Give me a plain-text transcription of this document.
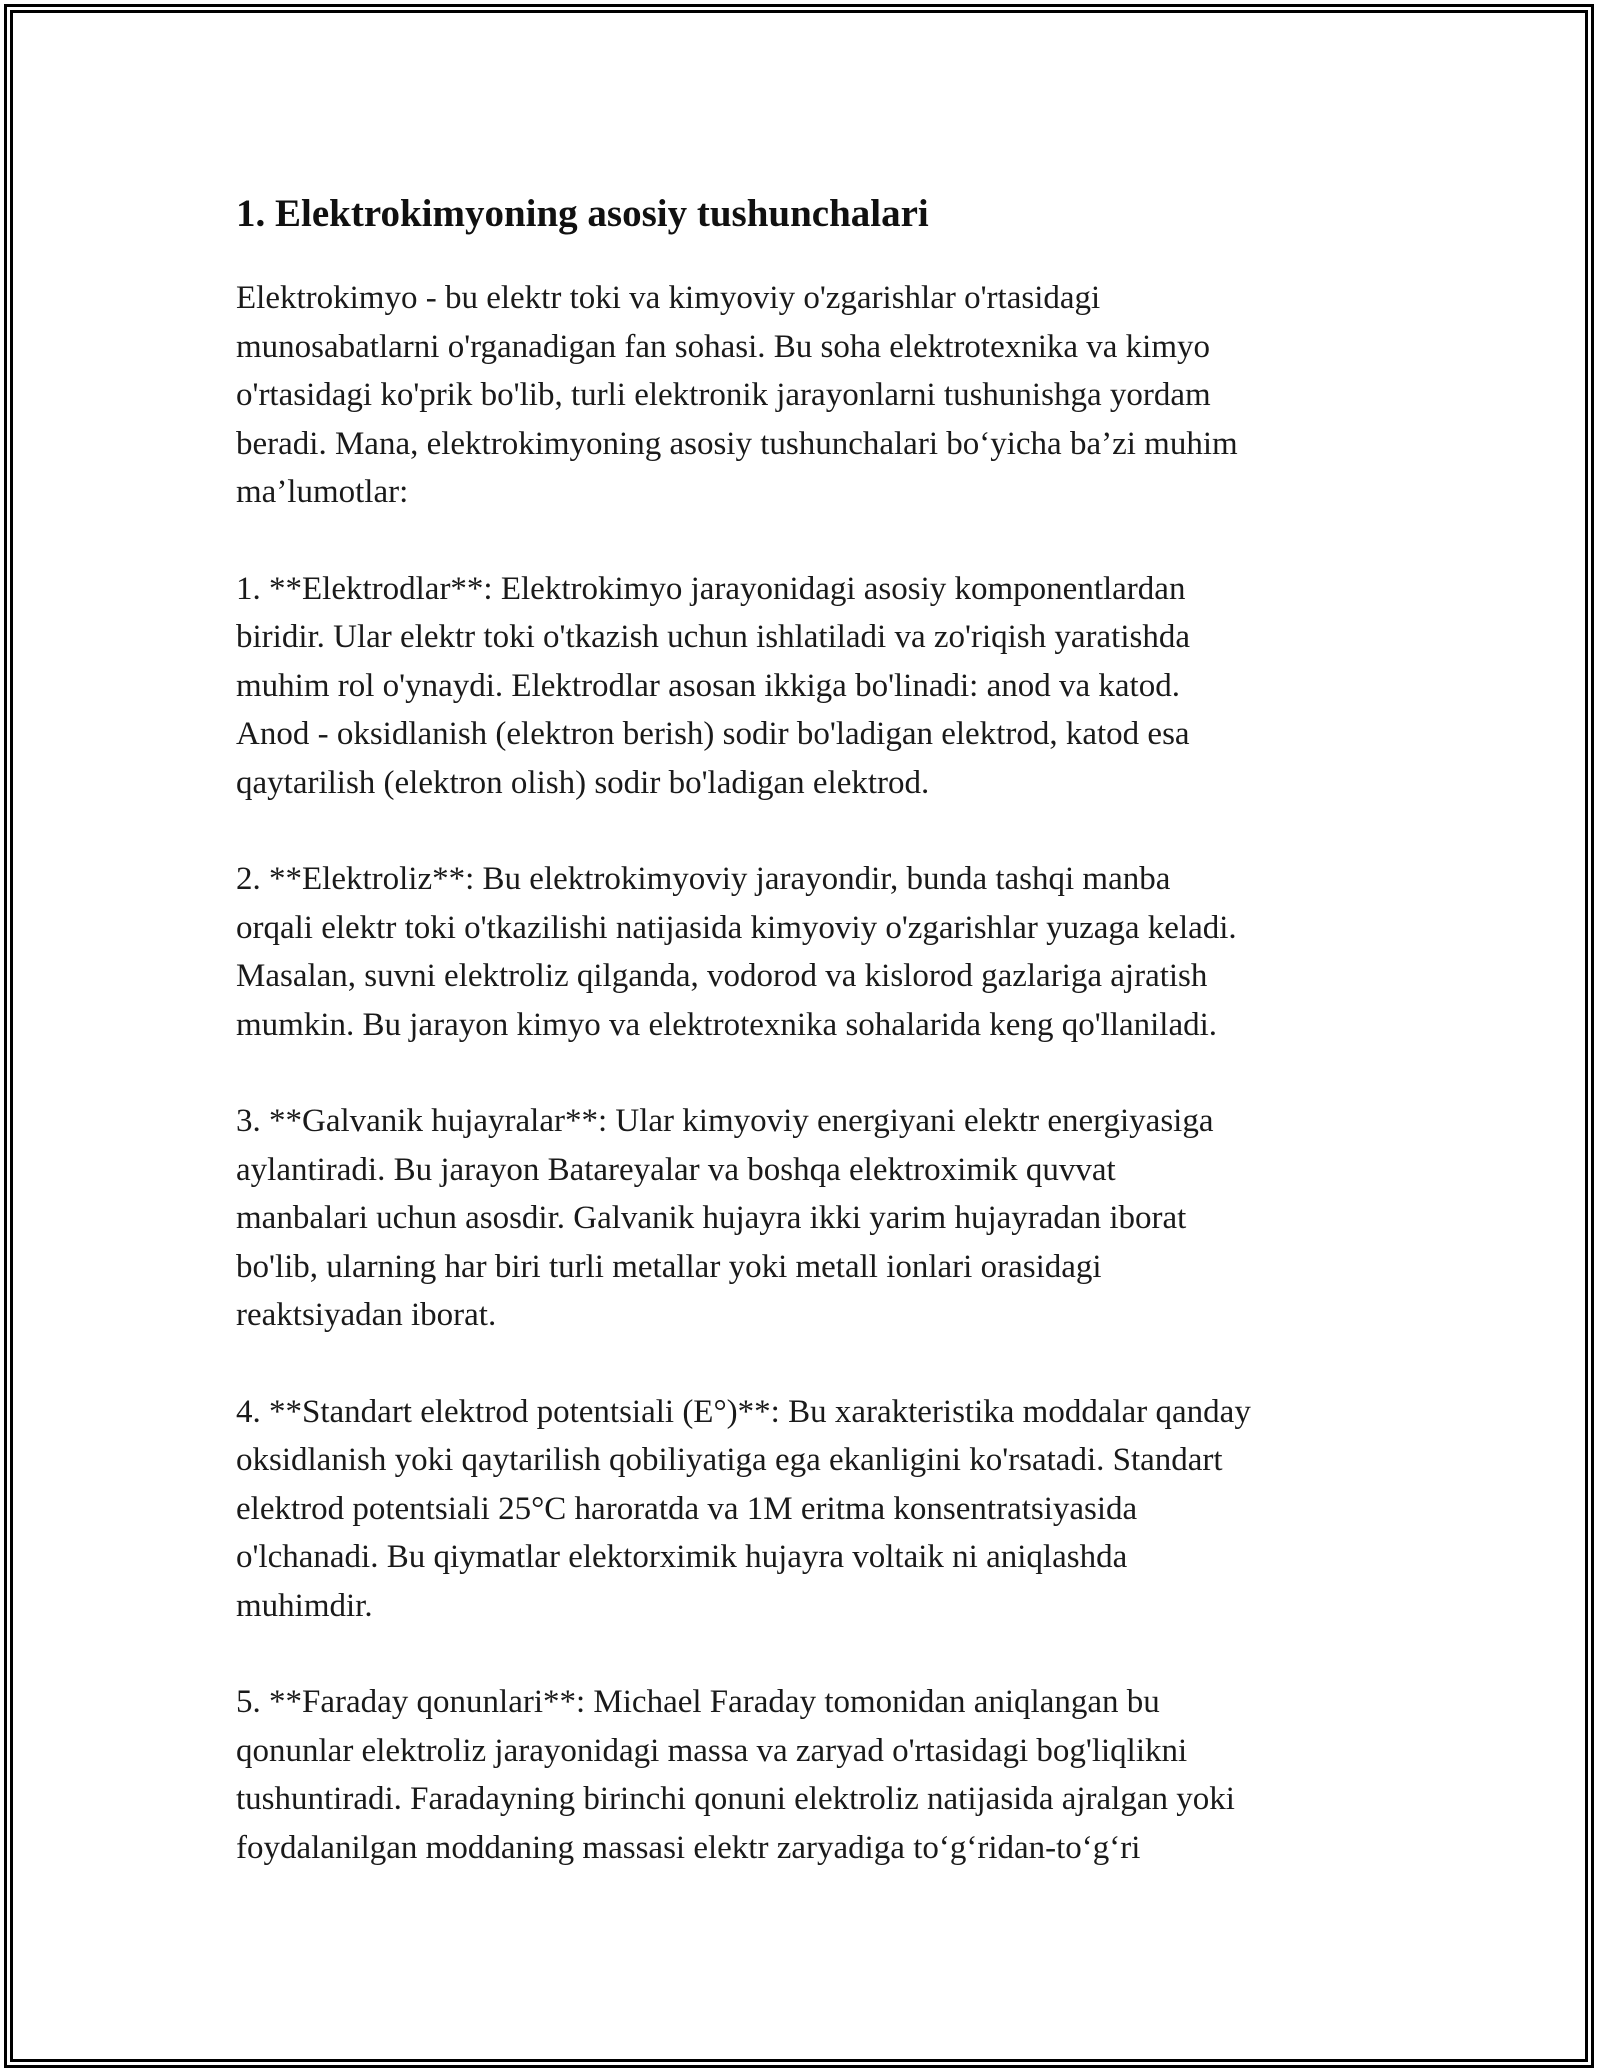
1. Elektrokimyoning asosiy tushunchalari

Elektrokimyo - bu elektr toki va kimyoviy o'zgarishlar o'rtasidagi
munosabatlarni o'rganadigan fan sohasi. Bu soha elektrotexnika va kimyo
o'rtasidagi ko'prik bo'lib, turli elektronik jarayonlarni tushunishga yordam
beradi. Mana, elektrokimyoning asosiy tushunchalari bo‘yicha ba’zi muhim
ma’lumotlar:

1. **Elektrodlar**: Elektrokimyo jarayonidagi asosiy komponentlardan
biridir. Ular elektr toki o'tkazish uchun ishlatiladi va zo'riqish yaratishda
muhim rol o'ynaydi. Elektrodlar asosan ikkiga bo'linadi: anod va katod.
Anod - oksidlanish (elektron berish) sodir bo'ladigan elektrod, katod esa
qaytarilish (elektron olish) sodir bo'ladigan elektrod.

2. **Elektroliz**: Bu elektrokimyoviy jarayondir, bunda tashqi manba
orqali elektr toki o'tkazilishi natijasida kimyoviy o'zgarishlar yuzaga keladi.
Masalan, suvni elektroliz qilganda, vodorod va kislorod gazlariga ajratish
mumkin. Bu jarayon kimyo va elektrotexnika sohalarida keng qo'llaniladi.

3. **Galvanik hujayralar**: Ular kimyoviy energiyani elektr energiyasiga
aylantiradi. Bu jarayon Batareyalar va boshqa elektroximik quvvat
manbalari uchun asosdir. Galvanik hujayra ikki yarim hujayradan iborat
bo'lib, ularning har biri turli metallar yoki metall ionlari orasidagi
reaktsiyadan iborat.

4. **Standart elektrod potentsiali (E°)**: Bu xarakteristika moddalar qanday
oksidlanish yoki qaytarilish qobiliyatiga ega ekanligini ko'rsatadi. Standart
elektrod potentsiali 25°C haroratda va 1M eritma konsentratsiyasida
o'lchanadi. Bu qiymatlar elektorximik hujayra voltaik ni aniqlashda
muhimdir.

5. **Faraday qonunlari**: Michael Faraday tomonidan aniqlangan bu
qonunlar elektroliz jarayonidagi massa va zaryad o'rtasidagi bog'liqlikni
tushuntiradi. Faradayning birinchi qonuni elektroliz natijasida ajralgan yoki
foydalanilgan moddaning massasi elektr zaryadiga to‘g‘ridan-to‘g‘ri
